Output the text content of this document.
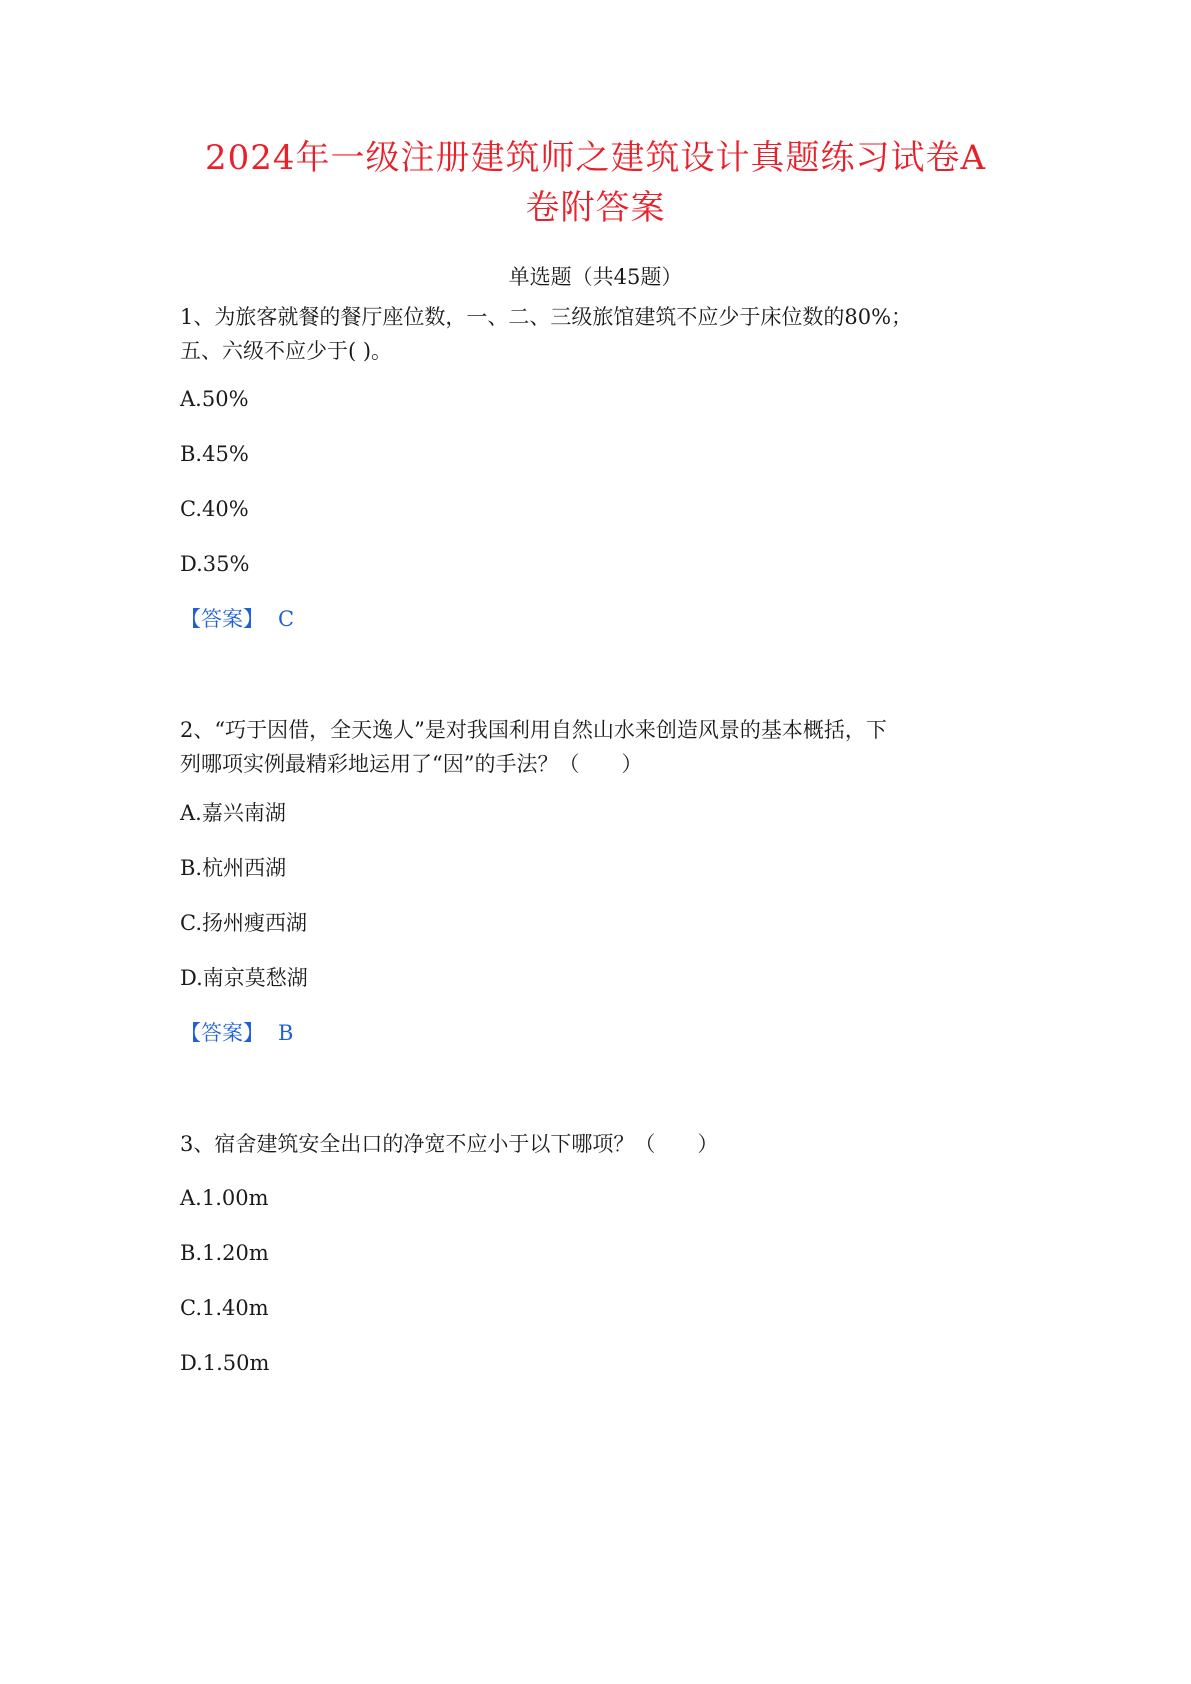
2024年一级注册建筑师之建筑设计真题练习试卷A
卷附答案
单选题（共45题）

1、为旅客就餐的餐厅座位数，一、二、三级旅馆建筑不应少于床位数的80%；

五、六级不应少于( )。

A.50%
B.45%
C.40%
D.35%
【答案】 C

2、“巧于因借，全天逸人”是对我国利用自然山水来创造风景的基本概括，下

列哪项实例最精彩地运用了“因”的手法？（　　）

A.嘉兴南湖
B.杭州西湖
C.扬州瘦西湖
D.南京莫愁湖
【答案】 B

3、宿舍建筑安全出口的净宽不应小于以下哪项？（　　）

A.1.00m
B.1.20m
C.1.40m
D.1.50m
